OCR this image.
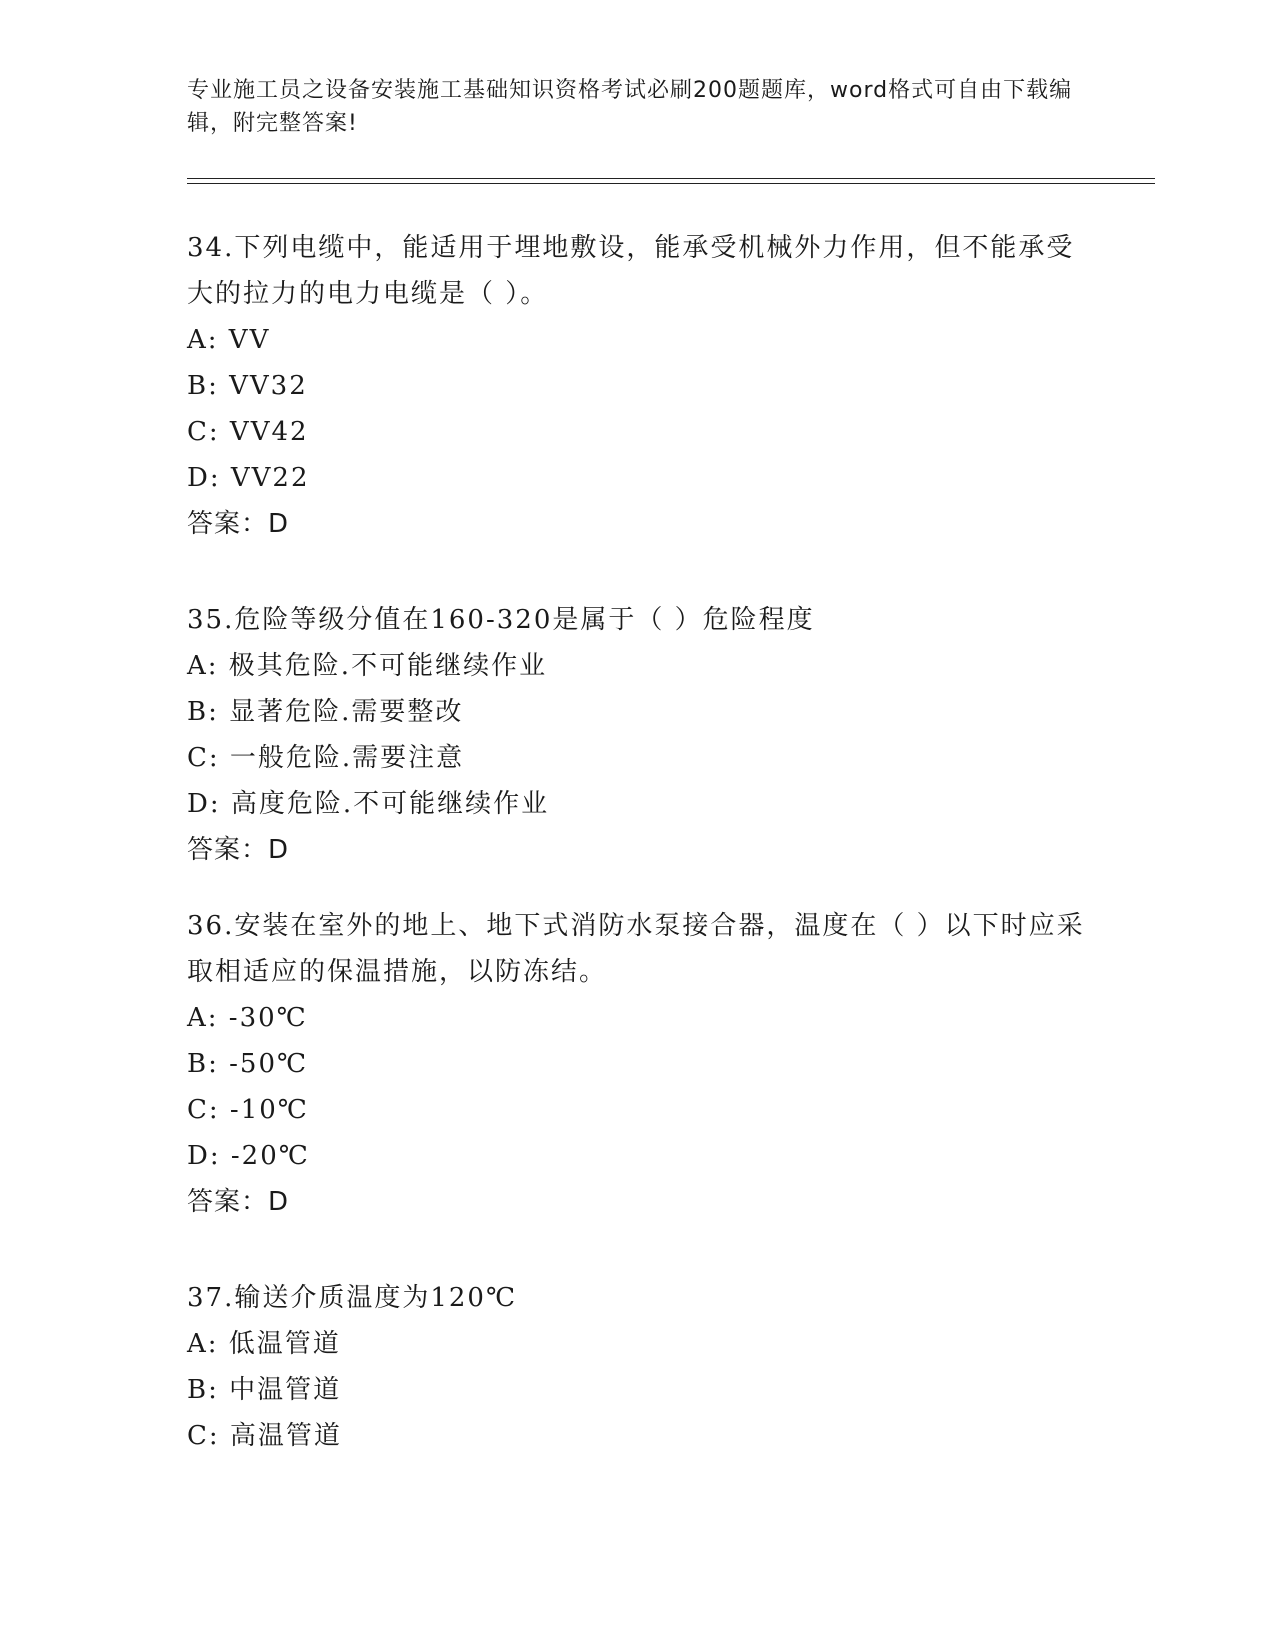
专业施工员之设备安装施工基础知识资格考试必刷200题题库，word格式可自由下载编辑，附完整答案!

34.下列电缆中，能适用于埋地敷设，能承受机械外力作用，但不能承受大的拉力的电力电缆是（ ）。

A: VV

B: VV32

C: VV42

D: VV22

答案：D

35.危险等级分值在160-320是属于（ ）危险程度

A: 极其危险.不可能继续作业

B: 显著危险.需要整改

C: 一般危险.需要注意

D: 高度危险.不可能继续作业

答案：D

36.安装在室外的地上、地下式消防水泵接合器，温度在（ ）以下时应采取相适应的保温措施，以防冻结。

A: -30℃

B: -50℃

C: -10℃

D: -20℃

答案：D

37.输送介质温度为120℃

A: 低温管道

B: 中温管道

C: 高温管道
